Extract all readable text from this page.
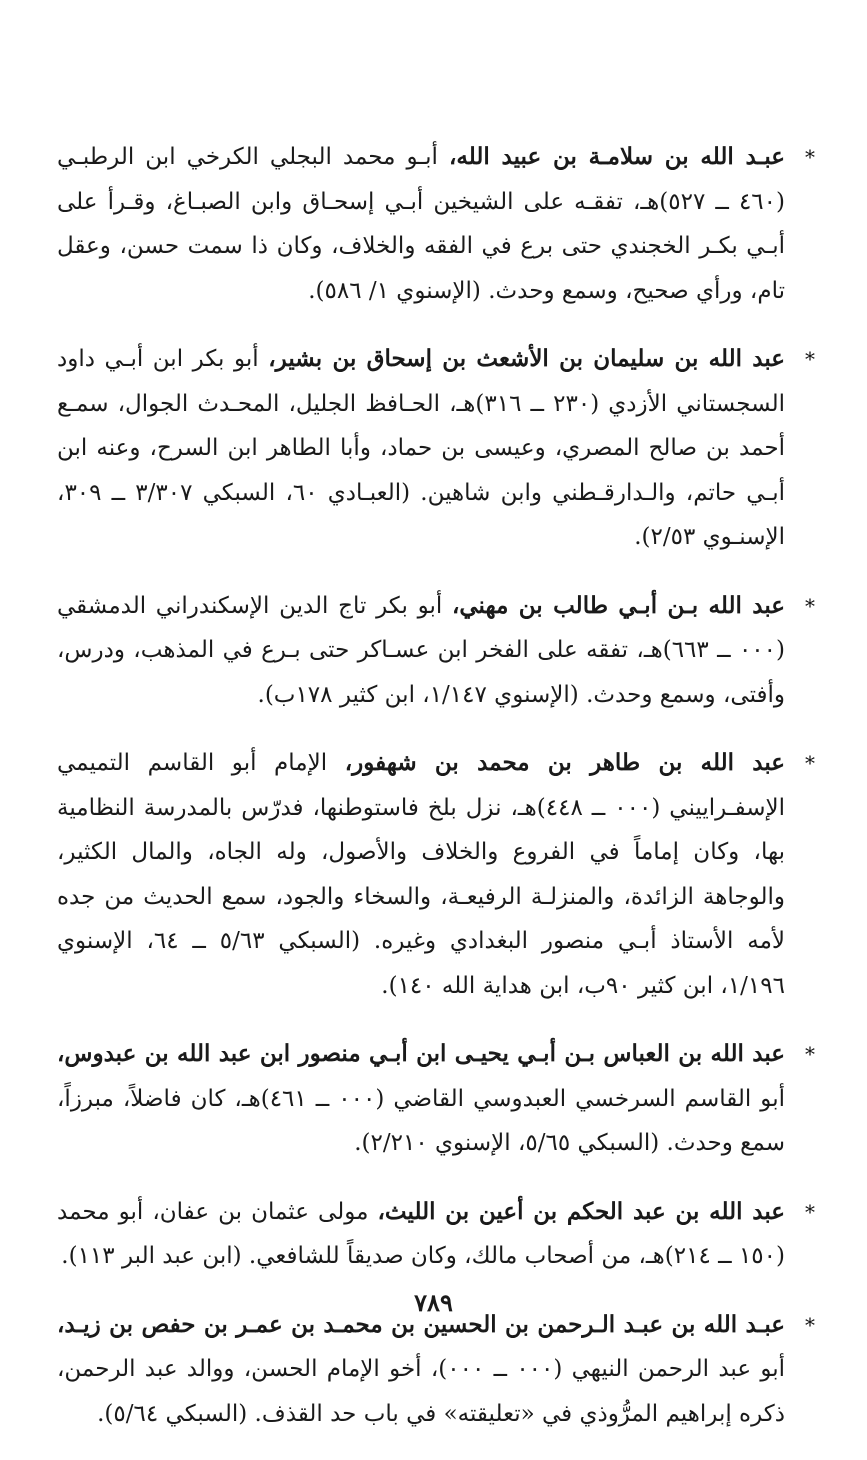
*
عبـد الله بن سلامـة بن عبيد الله، أبـو محمد البجلي الكرخي ابن الرطبـي (٤٦٠ ــ ٥٢٧)هـ، تفقـه على الشيخين أبـي إسحـاق وابن الصبـاغ، وقـرأ على أبـي بكـر الخجندي حتى برع في الفقه والخلاف، وكان ذا سمت حسن، وعقل تام، ورأي صحيح، وسمع وحدث. (الإسنوي ١/ ٥٨٦).

*
عبد الله بن سليمان بن الأشعث بن إسحاق بن بشير، أبو بكر ابن أبـي داود السجستاني الأزدي (٢٣٠ ــ ٣١٦)هـ، الحـافظ الجليل، المحـدث الجوال، سمـع أحمد بن صالح المصري، وعيسى بن حماد، وأبا الطاهر ابن السرح، وعنه ابن أبـي حاتم، والـدارقـطني وابن شاهين. (العبـادي ٦٠، السبكي ٣/٣٠٧ ــ ٣٠٩، الإسنـوي ٢/٥٣).

*
عبد الله بـن أبـي طالب بن مهني، أبو بكر تاج الدين الإسكندراني الدمشقي (٠٠٠ ــ ٦٦٣)هـ، تفقه على الفخر ابن عسـاكر حتى بـرع في المذهب، ودرس، وأفتى، وسمع وحدث. (الإسنوي ١/١٤٧، ابن كثير ١٧٨ب).

*
عبد الله بن طاهر بن محمد بن شهفور، الإمام أبو القاسم التميمي الإسفـراييني (٠٠٠ ــ ٤٤٨)هـ، نزل بلخ فاستوطنها، فدرّس بالمدرسة النظامية بها، وكان إماماً في الفروع والخلاف والأصول، وله الجاه، والمال الكثير، والوجاهة الزائدة، والمنزلـة الرفيعـة، والسخاء والجود، سمع الحديث من جده لأمه الأستاذ أبـي منصور البغدادي وغيره. (السبكي ٥/٦٣ ــ ٦٤، الإسنوي ١/١٩٦، ابن كثير ٩٠ب، ابن هداية الله ١٤٠).

*
عبد الله بن العباس بـن أبـي يحيـى ابن أبـي منصور ابن عبد الله بن عبدوس، أبو القاسم السرخسي العبدوسي القاضي (٠٠٠ ــ ٤٦١)هـ، كان فاضلاً، مبرزاً، سمع وحدث. (السبكي ٥/٦٥، الإسنوي ٢/٢١٠).

*
عبد الله بن عبد الحكم بن أعين بن الليث، مولى عثمان بن عفان، أبو محمد (١٥٠ ــ ٢١٤)هـ، من أصحاب مالك، وكان صديقاً للشافعي. (ابن عبد البر ١١٣).

*
عبـد الله بن عبـد الـرحمن بن الحسين بن محمـد بن عمـر بن حفص بن زيـد، أبو عبد الرحمن النيهي (٠٠٠ ــ ٠٠٠)، أخو الإمام الحسن، ووالد عبد الرحمن، ذكره إبراهيم المرُّوذي في «تعليقته» في باب حد القذف. (السبكي ٥/٦٤).

٧٨٩
